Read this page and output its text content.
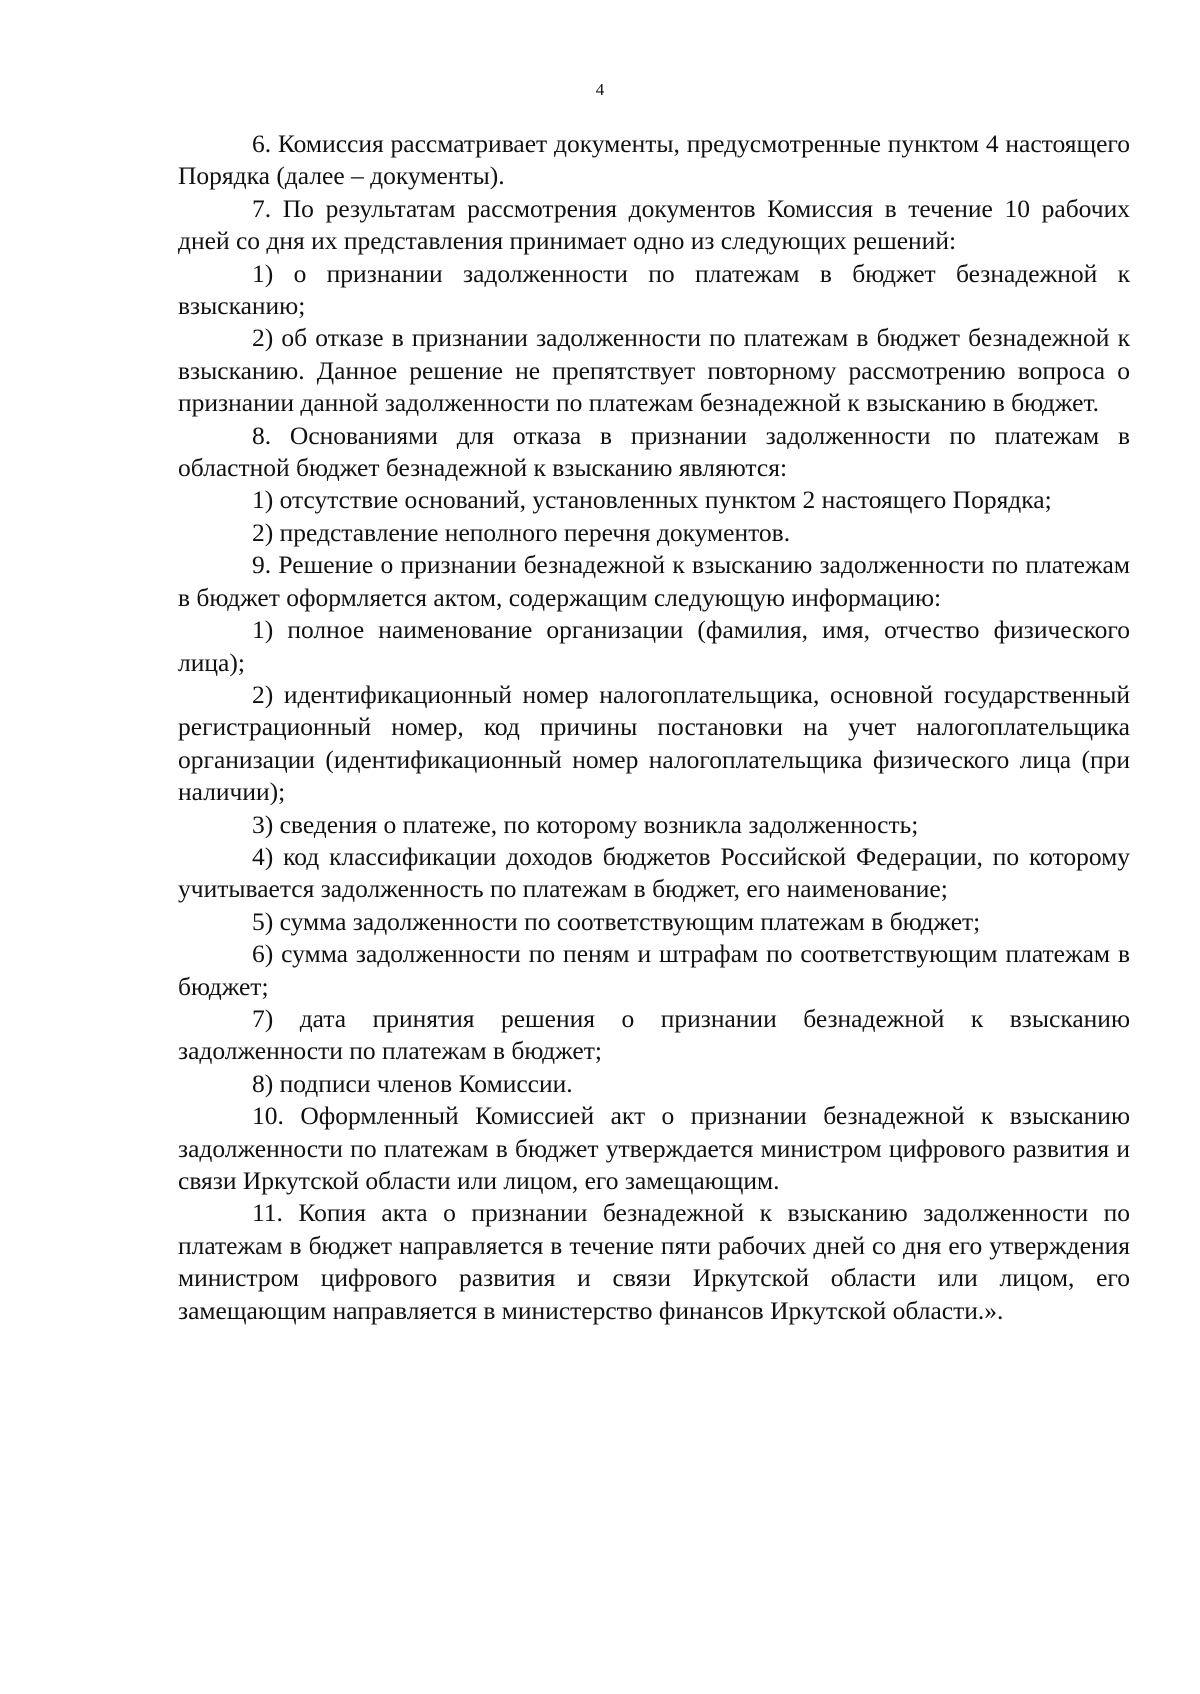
4

6. Комиссия рассматривает документы, предусмотренные пунктом 4 настоящего Порядка (далее – документы).

7. По результатам рассмотрения документов Комиссия в течение 10 рабочих дней со дня их представления принимает одно из следующих решений:

1) о признании задолженности по платежам в бюджет безнадежной к взысканию;

2) об отказе в признании задолженности по платежам в бюджет безнадежной к взысканию. Данное решение не препятствует повторному рассмотрению вопроса о признании данной задолженности по платежам безнадежной к взысканию в бюджет.

8. Основаниями для отказа в признании задолженности по платежам в областной бюджет безнадежной к взысканию являются:

1) отсутствие оснований, установленных пунктом 2 настоящего Порядка;

2) представление неполного перечня документов.

9. Решение о признании безнадежной к взысканию задолженности по платежам в бюджет оформляется актом, содержащим следующую информацию:

1) полное наименование организации (фамилия, имя, отчество физического лица);

2) идентификационный номер налогоплательщика, основной государственный регистрационный номер, код причины постановки на учет налогоплательщика организации (идентификационный номер налогоплательщика физического лица (при наличии);

3) сведения о платеже, по которому возникла задолженность;

4) код классификации доходов бюджетов Российской Федерации, по которому учитывается задолженность по платежам в бюджет, его наименование;

5) сумма задолженности по соответствующим платежам в бюджет;

6) сумма задолженности по пеням и штрафам по соответствующим платежам в бюджет;

7) дата принятия решения о признании безнадежной к взысканию задолженности по платежам в бюджет;

8) подписи членов Комиссии.

10. Оформленный Комиссией акт о признании безнадежной к взысканию задолженности по платежам в бюджет утверждается министром цифрового развития и связи Иркутской области или лицом, его замещающим.

11. Копия акта о признании безнадежной к взысканию задолженности по платежам в бюджет направляется в течение пяти рабочих дней со дня его утверждения министром цифрового развития и связи Иркутской области или лицом, его замещающим направляется в министерство финансов Иркутской области.».
